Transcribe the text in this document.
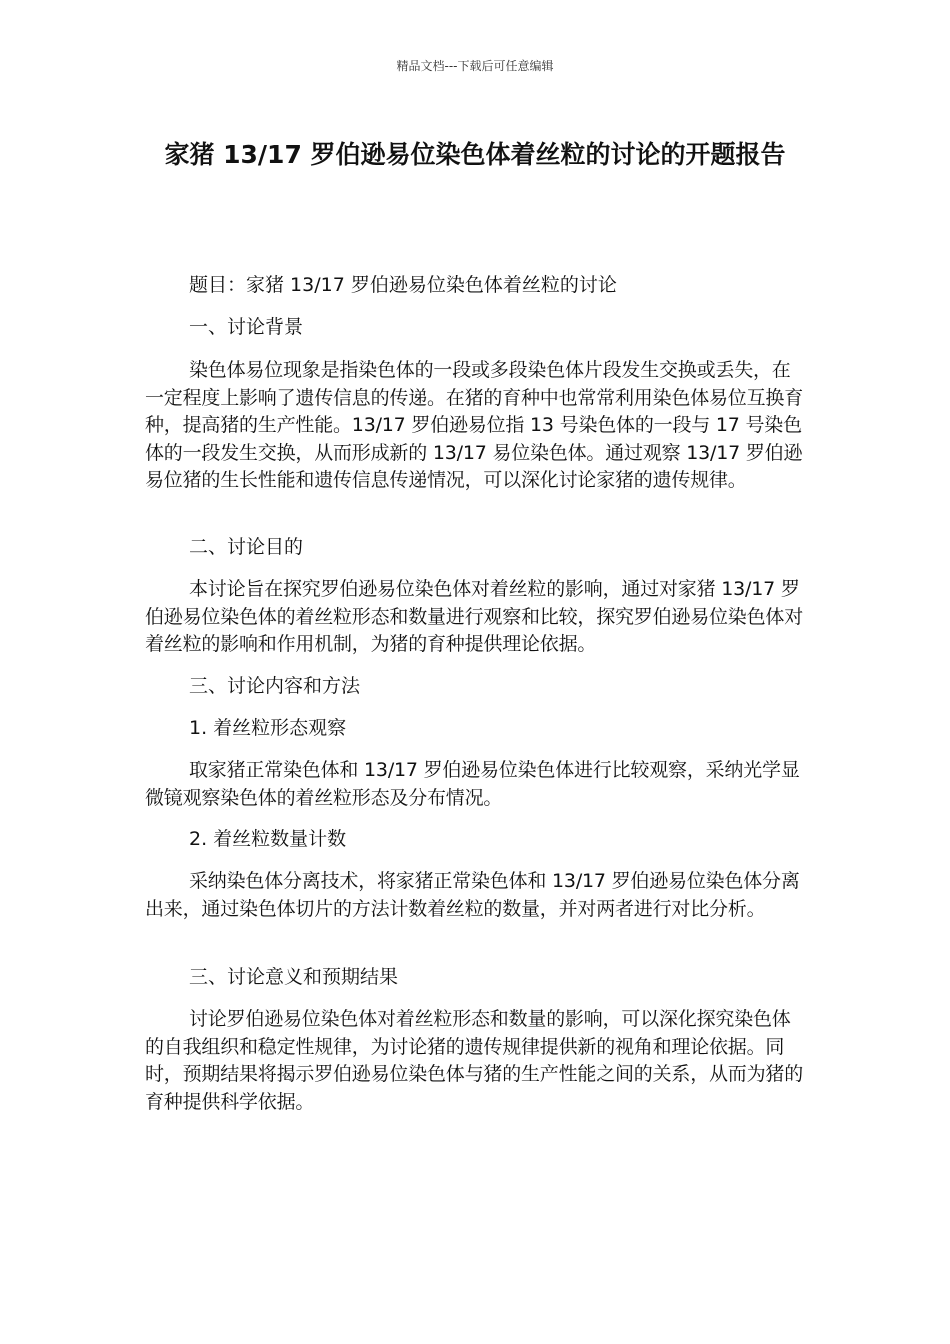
精品文档---下载后可任意编辑
家猪 13/17 罗伯逊易位染色体着丝粒的讨论的开题报告

题目：家猪 13/17 罗伯逊易位染色体着丝粒的讨论

一、讨论背景

染色体易位现象是指染色体的一段或多段染色体片段发生交换或丢失，在一定程度上影响了遗传信息的传递。在猪的育种中也常常利用染色体易位互换育种，提高猪的生产性能。13/17 罗伯逊易位指 13 号染色体的一段与 17 号染色体的一段发生交换，从而形成新的 13/17 易位染色体。通过观察 13/17 罗伯逊易位猪的生长性能和遗传信息传递情况，可以深化讨论家猪的遗传规律。

二、讨论目的

本讨论旨在探究罗伯逊易位染色体对着丝粒的影响，通过对家猪 13/17 罗伯逊易位染色体的着丝粒形态和数量进行观察和比较，探究罗伯逊易位染色体对着丝粒的影响和作用机制，为猪的育种提供理论依据。

三、讨论内容和方法

1. 着丝粒形态观察

取家猪正常染色体和 13/17 罗伯逊易位染色体进行比较观察，采纳光学显微镜观察染色体的着丝粒形态及分布情况。

2. 着丝粒数量计数

采纳染色体分离技术，将家猪正常染色体和 13/17 罗伯逊易位染色体分离出来，通过染色体切片的方法计数着丝粒的数量，并对两者进行对比分析。

三、讨论意义和预期结果

讨论罗伯逊易位染色体对着丝粒形态和数量的影响，可以深化探究染色体的自我组织和稳定性规律，为讨论猪的遗传规律提供新的视角和理论依据。同时，预期结果将揭示罗伯逊易位染色体与猪的生产性能之间的关系，从而为猪的育种提供科学依据。
